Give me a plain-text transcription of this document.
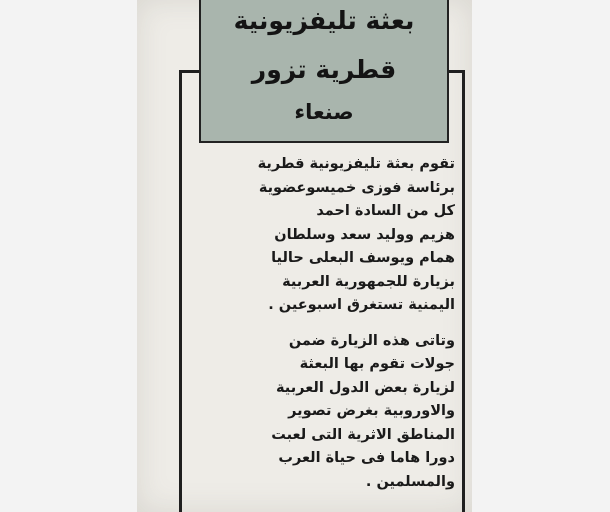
بعثة تليفزيونية
قطرية تزور
صنعاء
تقوم بعثة تليفزيونية قطرية
برئاسة فوزى خميسوعضوية
كل من السادة احمد
هزيم ووليد سعد وسلطان
همام ويوسف البعلى حاليا
بزيارة للجمهورية العربية
اليمنية تستغرق اسبوعين .
وتاتى هذه الزيارة ضمن
جولات تقوم بها البعثة
لزيارة بعض الدول العربية
والاوروبية بغرض تصوير
المناطق الاثرية التى لعبت
دورا هاما فى حياة العرب
والمسلمين .
